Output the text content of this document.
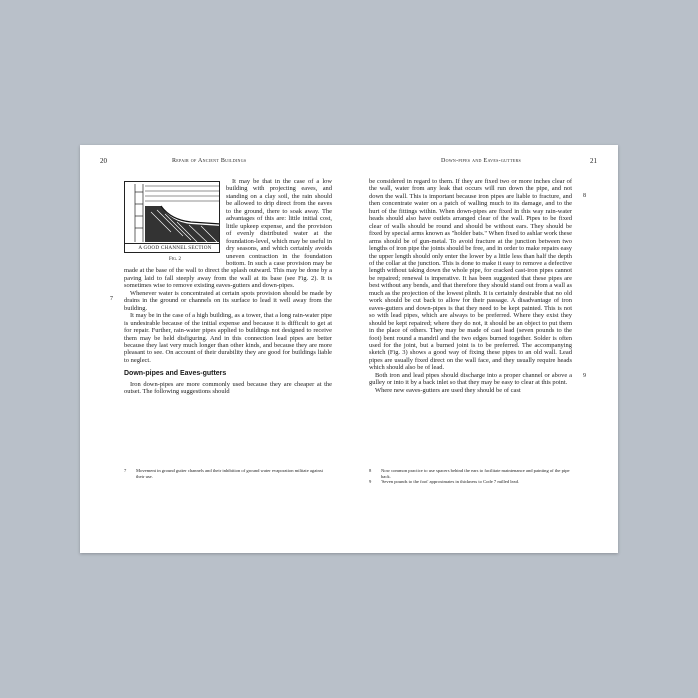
20	Repair of Ancient Buildings
7

A GOOD CHANNEL SECTION
Fig. 2
It may be that in the case of a low building with projecting eaves, and standing on a clay soil, the rain should be allowed to drip direct from the eaves to the ground, there to soak away. The advantages of this are: little initial cost, little upkeep expense, and the provision of evenly distributed water at the foundation-level, which may be useful in dry seasons, and which certainly avoids uneven contraction in the foundation bottom. In such a case provision may be made at the base of the wall to direct the splash outward. This may be done by a paving laid to fall steeply away from the wall at its base (see Fig. 2). It is sometimes wise to remove existing eaves-gutters and down-pipes.

Whenever water is concentrated at certain spots provision should be made by drains in the ground or channels on its surface to lead it well away from the building.

It may be in the case of a high building, as a tower, that a long rain-water pipe is undesirable because of the initial expense and because it is difficult to get at for repair. Further, rain-water pipes applied to buildings not designed to receive them may be held disfiguring. And in this connection lead pipes are better because they last very much longer than other kinds, and because they are more pleasant to see. On account of their durability they are good for buildings liable to neglect.

Down-pipes and Eaves-gutters

Iron down-pipes are more commonly used because they are cheaper at the outset. The following suggestions should

7	Movement in ground gutter channels and their inhibition of ground water evaporation militate against their use.
Down-pipes and Eaves-gutters	21
8
9

be considered in regard to them. If they are fixed two or more inches clear of the wall, water from any leak that occurs will run down the pipe, and not down the wall. This is important because iron pipes are liable to fracture, and then concentrate water on a patch of walling much to its damage, and to the hurt of the fittings within. When down-pipes are fixed in this way rain-water heads should also have outlets arranged clear of the wall. Pipes to be fixed clear of walls should be round and should be without ears. They should be fixed by special arms known as "holder bats." When fixed to ashlar work these arms should be of gun-metal. To avoid fracture at the junction between two lengths of iron pipe the joints should be free, and in order to make repairs easy the upper length should only enter the lower by a little less than half the depth of the collar at the junction. This is done to make it easy to remove a defective length without taking down the whole pipe, for cracked cast-iron pipes cannot be repaired; renewal is imperative. It has been suggested that these pipes are best without any bends, and that therefore they should stand out from a wall as much as the projection of the lowest plinth. It is certainly desirable that no old work should be cut back to allow for their passage. A disadvantage of iron eaves-gutters and down-pipes is that they need to be kept painted. This is not so with lead pipes, which are always to be preferred. Where they exist they should be kept repaired; where they do not, it should be an object to put them in the place of others. They may be made of cast lead (seven pounds to the foot) bent round a mandril and the two edges burned together. Solder is often used for the joint, but a burned joint is to be preferred. The accompanying sketch (Fig. 3) shows a good way of fixing these pipes to an old wall. Lead pipes are usually fixed direct on the wall face, and they usually require heads which should also be of lead.

Both iron and lead pipes should discharge into a proper channel or above a gulley or into it by a back inlet so that they may be easy to clear at this point.

Where new eaves-gutters are used they should be of cast

8	Now common practice to use spacers behind the ears to facilitate maintenance and painting of the pipe back.
9	'Seven pounds to the foot' approximates in thickness to Code 7 milled lead.
